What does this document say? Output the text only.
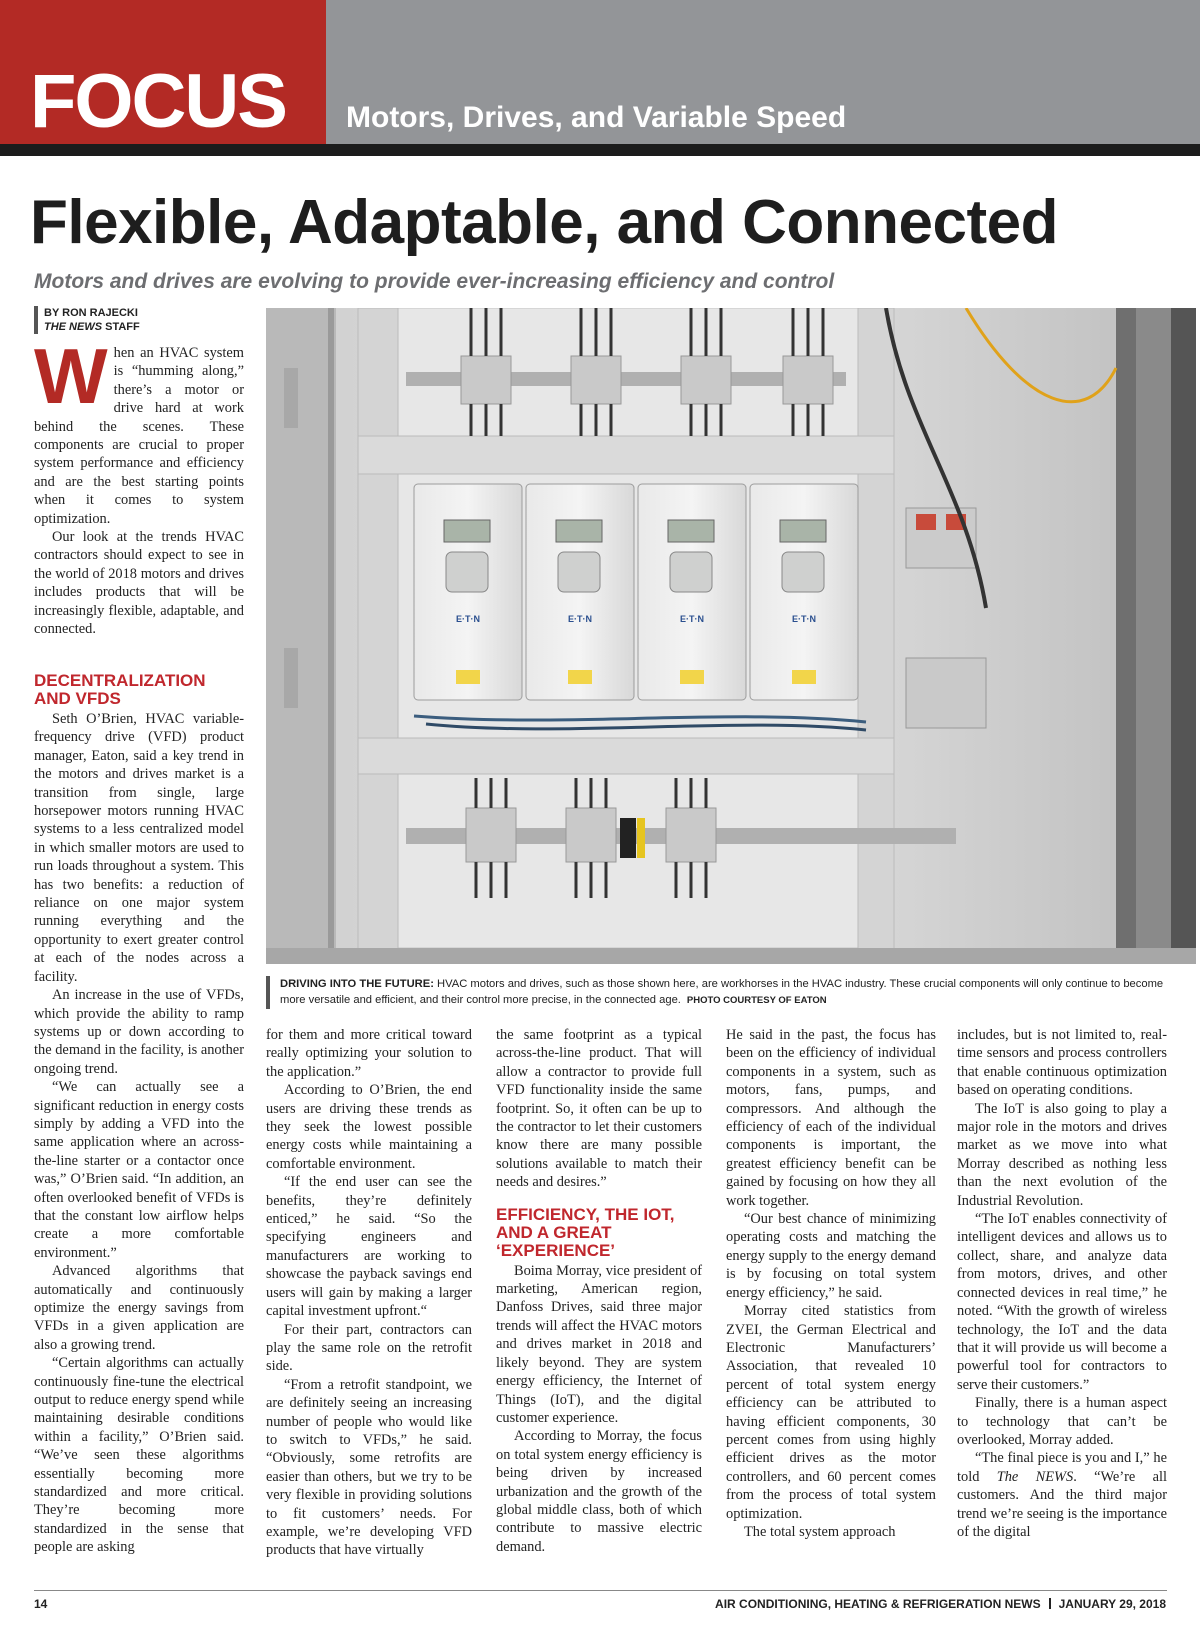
FOCUS Motors, Drives, and Variable Speed
Flexible, Adaptable, and Connected
Motors and drives are evolving to provide ever-increasing efficiency and control
BY RON RAJECKI
THE NEWS STAFF
E·T·N	E·T·N	E·T·N	E·T·N
DRIVING INTO THE FUTURE: HVAC motors and drives, such as those shown here, are workhorses in the HVAC industry. These crucial components will only continue to become more versatile and efficient, and their control more precise, in the connected age. PHOTO COURTESY OF EATON

When an HVAC system is “humming along,” there’s a motor or drive hard at work behind the scenes. These components are crucial to proper system performance and efficiency and are the best starting points when it comes to system optimization.

Our look at the trends HVAC contractors should expect to see in the world of 2018 motors and drives includes products that will be increasingly flexible, adaptable, and connected.

DECENTRALIZATION AND VFDS

Seth O’Brien, HVAC variable-frequency drive (VFD) product manager, Eaton, said a key trend in the motors and drives market is a transition from single, large horsepower motors running HVAC systems to a less centralized model in which smaller motors are used to run loads throughout a system. This has two benefits: a reduction of reliance on one major system running everything and the opportunity to exert greater control at each of the nodes across a facility.

An increase in the use of VFDs, which provide the ability to ramp systems up or down according to the demand in the facility, is another ongoing trend.

“We can actually see a significant reduction in energy costs simply by adding a VFD into the same application where an across-the-line starter or a contactor once was,” O’Brien said. “In addition, an often overlooked benefit of VFDs is that the constant low airflow helps create a more comfortable environment.”

Advanced algorithms that automatically and continuously optimize the energy savings from VFDs in a given application are also a growing trend.

“Certain algorithms can actually continuously fine-tune the electrical output to reduce energy spend while maintaining desirable conditions within a facility,” O’Brien said. “We’ve seen these algorithms essentially becoming more standardized and more critical. They’re becoming more standardized in the sense that people are asking

for them and more critical toward really optimizing your solution to the application.”

According to O’Brien, the end users are driving these trends as they seek the lowest possible energy costs while maintaining a comfortable environment.

“If the end user can see the benefits, they’re definitely enticed,” he said. “So the specifying engineers and manufacturers are working to showcase the payback savings end users will gain by making a larger capital investment upfront.“

For their part, contractors can play the same role on the retrofit side.

“From a retrofit standpoint, we are definitely seeing an increasing number of people who would like to switch to VFDs,” he said. “Obviously, some retrofits are easier than others, but we try to be very flexible in providing solutions to fit customers’ needs. For example, we’re developing VFD products that have virtually

the same footprint as a typical across-the-line product. That will allow a contractor to provide full VFD functionality inside the same footprint. So, it often can be up to the contractor to let their customers know there are many possible solutions available to match their needs and desires.”

EFFICIENCY, THE IOT, AND A GREAT ‘EXPERIENCE’

Boima Morray, vice president of marketing, American region, Danfoss Drives, said three major trends will affect the HVAC motors and drives market in 2018 and likely beyond. They are system energy efficiency, the Internet of Things (IoT), and the digital customer experience.

According to Morray, the focus on total system energy efficiency is being driven by increased urbanization and the growth of the global middle class, both of which contribute to massive electric demand.

He said in the past, the focus has been on the efficiency of individual components in a system, such as motors, fans, pumps, and compressors. And although the efficiency of each of the individual components is important, the greatest efficiency benefit can be gained by focusing on how they all work together.

“Our best chance of minimizing operating costs and matching the energy supply to the energy demand is by focusing on total system energy efficiency,” he said.

Morray cited statistics from ZVEI, the German Electrical and Electronic Manufacturers’ Association, that revealed 10 percent of total system energy efficiency can be attributed to having efficient components, 30 percent comes from using highly efficient drives as the motor controllers, and 60 percent comes from the process of total system optimization.

The total system approach

includes, but is not limited to, real-time sensors and process controllers that enable continuous optimization based on operating conditions.

The IoT is also going to play a major role in the motors and drives market as we move into what Morray described as nothing less than the next evolution of the Industrial Revolution.

“The IoT enables connectivity of intelligent devices and allows us to collect, share, and analyze data from motors, drives, and other connected devices in real time,” he noted. “With the growth of wireless technology, the IoT and the data that it will provide us will become a powerful tool for contractors to serve their customers.”

Finally, there is a human aspect to technology that can’t be overlooked, Morray added.

“The final piece is you and I,” he told The NEWS. “We’re all customers. And the third major trend we’re seeing is the importance of the digital

14	AIR CONDITIONING, HEATING & REFRIGERATION NEWS JANUARY 29, 2018
